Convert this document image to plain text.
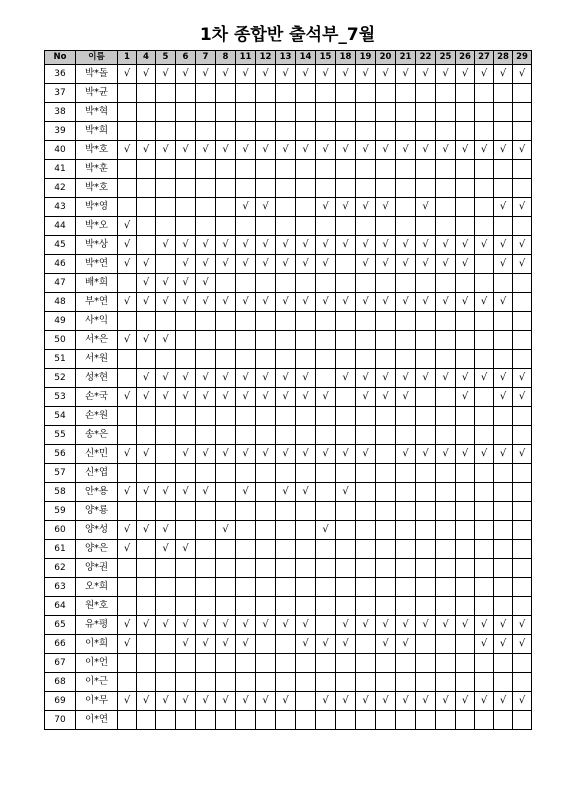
1차 종합반 출석부_7월
No	이름	1	4	5	6	7	8	11	12	13	14	15	18	19	20	21	22	25	26	27	28	29
36	박*돌	√	√	√	√	√	√	√	√	√	√	√	√	√	√	√	√	√	√	√	√	√
37	박*균																					
38	박*혁																					
39	박*희																					
40	박*호	√	√	√	√	√	√	√	√	√	√	√	√	√	√	√	√	√	√	√	√	√
41	박*훈																					
42	박*호																					
43	박*영							√	√			√	√	√	√		√				√	√
44	박*오	√																				
45	박*상	√		√	√	√	√	√	√	√	√	√	√	√	√	√	√	√	√	√	√	√
46	박*연	√	√		√	√	√	√	√	√	√	√		√	√	√	√	√	√		√	√
47	배*희		√	√	√	√																
48	부*연	√	√	√	√	√	√	√	√	√	√	√	√	√	√	√	√	√	√	√	√	
49	사*익																					
50	서*은	√	√	√																		
51	서*원																					
52	성*현		√	√	√	√	√	√	√	√	√		√	√	√	√	√	√	√	√	√	√
53	손*국	√	√	√	√	√	√	√	√	√	√	√		√	√	√			√		√	√
54	손*원																					
55	송*은																					
56	신*민	√	√		√	√	√	√	√	√	√	√	√	√		√	√	√	√	√	√	√
57	신*엽																					
58	안*용	√	√	√	√	√		√		√	√		√									
59	양*룡																					
60	양*성	√	√	√			√					√										
61	양*은	√		√	√																	
62	양*권																					
63	오*희																					
64	원*호																					
65	유*평	√	√	√	√	√	√	√	√	√	√		√	√	√	√	√	√	√	√	√	√
66	이*희	√			√	√	√	√			√	√	√		√	√				√	√	√
67	이*언																					
68	이*근																					
69	이*무	√	√	√	√	√	√	√	√	√		√	√	√	√	√	√	√	√	√	√	√
70	이*연																					
